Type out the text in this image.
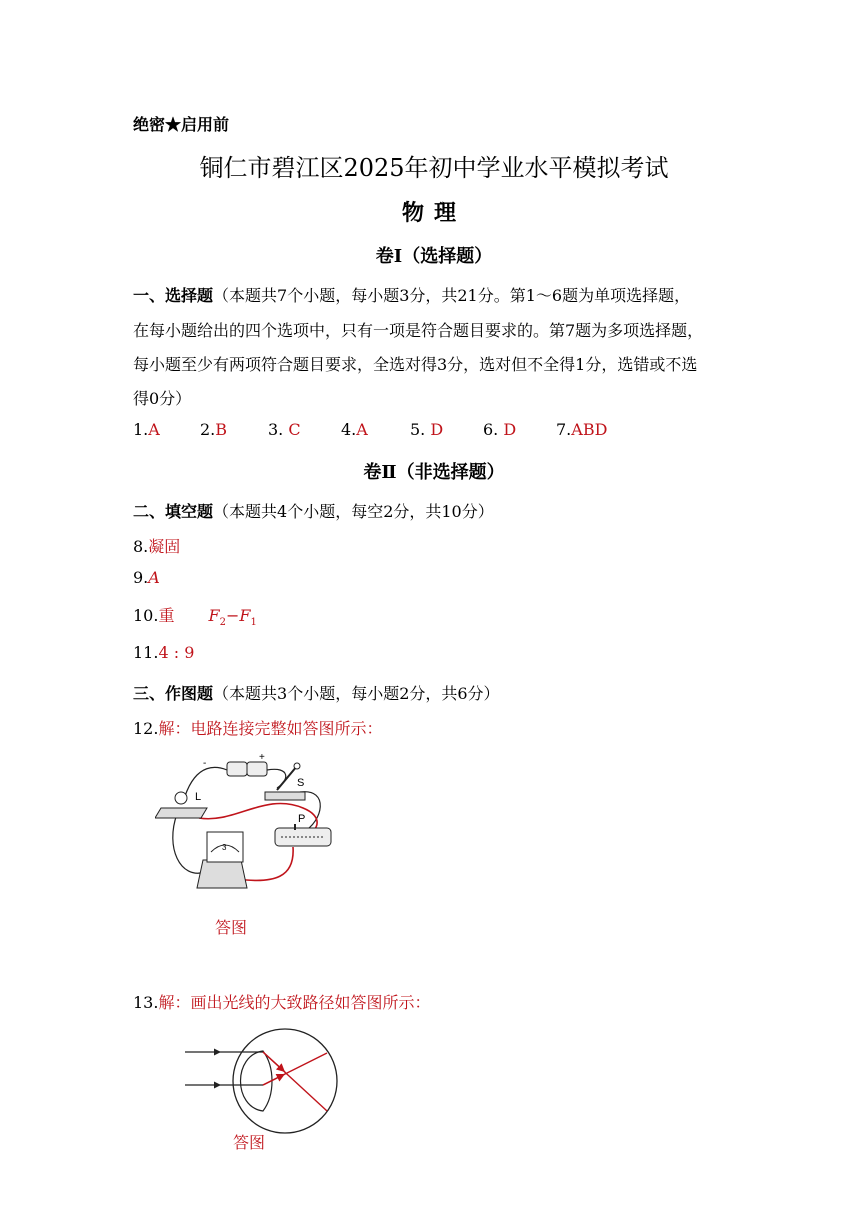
绝密★启用前
铜仁市碧江区2025年初中学业水平模拟考试
物理
卷Ⅰ（选择题）
一、选择题（本题共7个小题，每小题3分，共21分。第1～6题为单项选择题，
在每小题给出的四个选项中，只有一项是符合题目要求的。第7题为多项选择题，
每小题至少有两项符合题目要求，全选对得3分，选对但不全得1分，选错或不选
得0分）
1.A	2.B	3. C	4.A	5. D 6. D 7.ABD
卷Ⅱ（非选择题）
二、填空题（本题共4个小题，每空2分，共10分）
8.凝固
9.A
10.重 $F_2-F_1$
11.4 : 9
三、作图题（本题共3个小题，每小题2分，共6分）
12.解：电路连接完整如答图所示：
-
+
S
L
P
3
答图
13.解：画出光线的大致路径如答图所示：
答图
